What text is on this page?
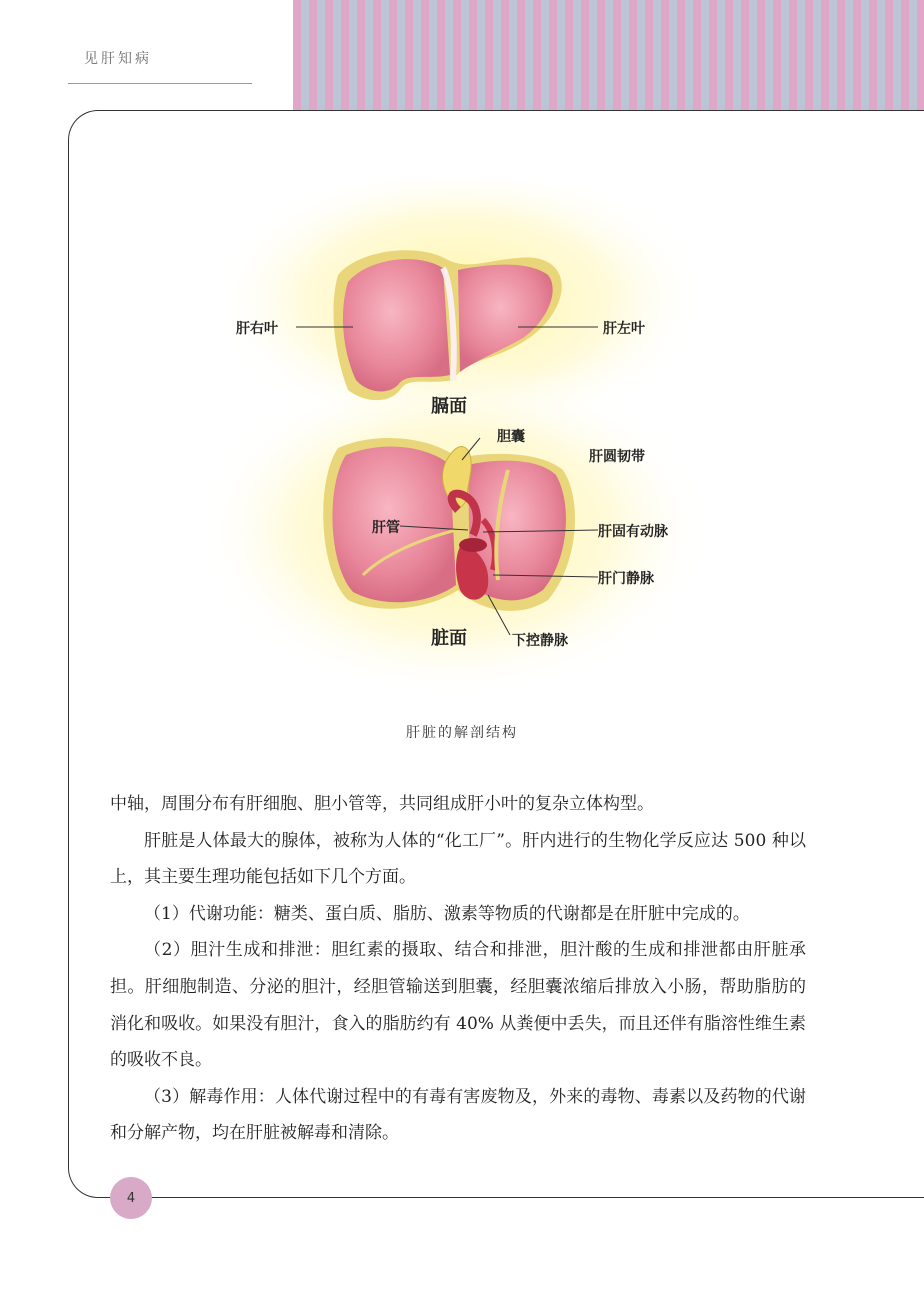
见肝知病
肝右叶	肝左叶
膈面
胆囊
肝圆韧带
肝管	肝固有动脉
肝门静脉
脏面	下控静脉
肝脏的解剖结构

中轴，周围分布有肝细胞、胆小管等，共同组成肝小叶的复杂立体构型。

肝脏是人体最大的腺体，被称为人体的“化工厂”。肝内进行的生物化学反应达 500 种以上，其主要生理功能包括如下几个方面。

（1）代谢功能：糖类、蛋白质、脂肪、激素等物质的代谢都是在肝脏中完成的。

（2）胆汁生成和排泄：胆红素的摄取、结合和排泄，胆汁酸的生成和排泄都由肝脏承担。肝细胞制造、分泌的胆汁，经胆管输送到胆囊，经胆囊浓缩后排放入小肠，帮助脂肪的消化和吸收。如果没有胆汁，食入的脂肪约有 40% 从粪便中丢失，而且还伴有脂溶性维生素的吸收不良。

（3）解毒作用：人体代谢过程中的有毒有害废物及，外来的毒物、毒素以及药物的代谢和分解产物，均在肝脏被解毒和清除。

4
